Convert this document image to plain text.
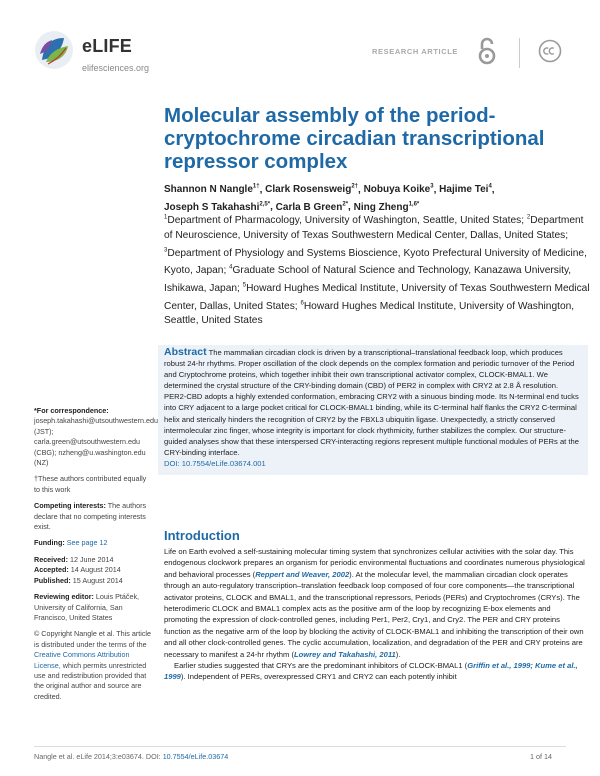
eLIFE
elifesciences.org
RESEARCH ARTICLE
Molecular assembly of the period-cryptochrome circadian transcriptional repressor complex
Shannon N Nangle$^{1\dagger}$, Clark Rosensweig$^{2\dagger}$, Nobuya Koike$^3$, Hajime Tei$^4$,
Joseph S Takahashi$^{2,5*}$, Carla B Green$^{2*}$, Ning Zheng$^{1,6*}$
$^1$Department of Pharmacology, University of Washington, Seattle, United States; $^2$Department of Neuroscience, University of Texas Southwestern Medical Center, Dallas, United States; $^3$Department of Physiology and Systems Bioscience, Kyoto Prefectural University of Medicine, Kyoto, Japan; $^4$Graduate School of Natural Science and Technology, Kanazawa University, Ishikawa, Japan; $^5$Howard Hughes Medical Institute, University of Texas Southwestern Medical Center, Dallas, United States; $^6$Howard Hughes Medical Institute, University of Washington, Seattle, United States
Abstract The mammalian circadian clock is driven by a transcriptional–translational feedback loop, which produces robust 24-hr rhythms. Proper oscillation of the clock depends on the complex formation and periodic turnover of the Period and Cryptochrome proteins, which together inhibit their own transcriptional activator complex, CLOCK-BMAL1. We determined the crystal structure of the CRY-binding domain (CBD) of PER2 in complex with CRY2 at 2.8 Å resolution. PER2-CBD adopts a highly extended conformation, embracing CRY2 with a sinuous binding mode. Its N-terminal end tucks into CRY adjacent to a large pocket critical for CLOCK-BMAL1 binding, while its C-terminal half flanks the CRY2 C-terminal helix and sterically hinders the recognition of CRY2 by the FBXL3 ubiquitin ligase. Unexpectedly, a strictly conserved intermolecular zinc finger, whose integrity is important for clock rhythmicity, further stabilizes the complex. Our structure-guided analyses show that these interspersed CRY-interacting regions represent multiple functional modules of PERs at the CRY-binding interface.
DOI: 10.7554/eLife.03674.001
*For correspondence: joseph.takahashi@utsouthwestern.edu (JST); carla.green@utsouthwestern.edu (CBG); nzheng@u.washington.edu (NZ)
†These authors contributed equally to this work
Competing interests: The authors declare that no competing interests exist.
Funding: See page 12
Received: 12 June 2014
Accepted: 14 August 2014
Published: 15 August 2014
Reviewing editor: Louis Ptáček, University of California, San Francisco, United States
© Copyright Nangle et al. This article is distributed under the terms of the Creative Commons Attribution License, which permits unrestricted use and redistribution provided that the original author and source are credited.
Introduction

Life on Earth evolved a self-sustaining molecular timing system that synchronizes cellular activities with the solar day. This endogenous clockwork prepares an organism for periodic environmental fluctuations and coordinates numerous physiological and behavioral processes (Reppert and Weaver, 2002). At the molecular level, the mammalian circadian clock operates through an auto-regulatory transcription–translation feedback loop composed of four core components—the transcriptional activator proteins, CLOCK and BMAL1, and the transcriptional repressors, Periods (PERs) and Cryptochromes (CRYs). The heterodimeric CLOCK and BMAL1 complex acts as the positive arm of the loop by recognizing E-box elements and promoting the expression of clock-controlled genes, including Per1, Per2, Cry1, and Cry2. The PER and CRY proteins function as the negative arm of the loop by blocking the activity of CLOCK-BMAL1 and inhibiting the transcription of their own and all other clock-controlled genes. The cyclic accumulation, localization, and degradation of the PER and CRY proteins are necessary to manifest a 24-hr rhythm (Lowrey and Takahashi, 2011).

Earlier studies suggested that CRYs are the predominant inhibitors of CLOCK-BMAL1 (Griffin et al., 1999; Kume et al., 1999). Independent of PERs, overexpressed CRY1 and CRY2 can each potently inhibit

Nangle et al. eLife 2014;3:e03674. DOI: 10.7554/eLife.03674	1 of 14
